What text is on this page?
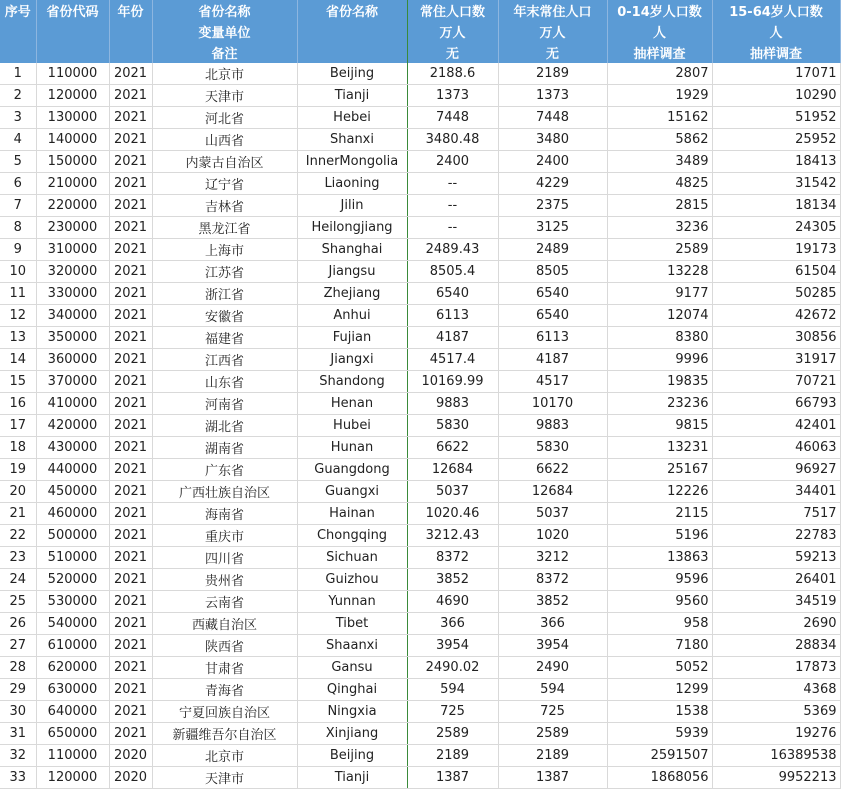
序号	省份代码	年份	省份名称	省份名称	常住人口数	年末常住人口	0-14岁人口数	15-64岁人口数
			变量单位		万人	万人	人	人
			备注		无	无	抽样调查	抽样调查
1	110000	2021	北京市	Beijing	2188.6	2189	2807	17071
2	120000	2021	天津市	Tianji	1373	1373	1929	10290
3	130000	2021	河北省	Hebei	7448	7448	15162	51952
4	140000	2021	山西省	Shanxi	3480.48	3480	5862	25952
5	150000	2021	内蒙古自治区	InnerMongolia	2400	2400	3489	18413
6	210000	2021	辽宁省	Liaoning	--	4229	4825	31542
7	220000	2021	吉林省	Jilin	--	2375	2815	18134
8	230000	2021	黑龙江省	Heilongjiang	--	3125	3236	24305
9	310000	2021	上海市	Shanghai	2489.43	2489	2589	19173
10	320000	2021	江苏省	Jiangsu	8505.4	8505	13228	61504
11	330000	2021	浙江省	Zhejiang	6540	6540	9177	50285
12	340000	2021	安徽省	Anhui	6113	6540	12074	42672
13	350000	2021	福建省	Fujian	4187	6113	8380	30856
14	360000	2021	江西省	Jiangxi	4517.4	4187	9996	31917
15	370000	2021	山东省	Shandong	10169.99	4517	19835	70721
16	410000	2021	河南省	Henan	9883	10170	23236	66793
17	420000	2021	湖北省	Hubei	5830	9883	9815	42401
18	430000	2021	湖南省	Hunan	6622	5830	13231	46063
19	440000	2021	广东省	Guangdong	12684	6622	25167	96927
20	450000	2021	广西壮族自治区	Guangxi	5037	12684	12226	34401
21	460000	2021	海南省	Hainan	1020.46	5037	2115	7517
22	500000	2021	重庆市	Chongqing	3212.43	1020	5196	22783
23	510000	2021	四川省	Sichuan	8372	3212	13863	59213
24	520000	2021	贵州省	Guizhou	3852	8372	9596	26401
25	530000	2021	云南省	Yunnan	4690	3852	9560	34519
26	540000	2021	西藏自治区	Tibet	366	366	958	2690
27	610000	2021	陕西省	Shaanxi	3954	3954	7180	28834
28	620000	2021	甘肃省	Gansu	2490.02	2490	5052	17873
29	630000	2021	青海省	Qinghai	594	594	1299	4368
30	640000	2021	宁夏回族自治区	Ningxia	725	725	1538	5369
31	650000	2021	新疆维吾尔自治区	Xinjiang	2589	2589	5939	19276
32	110000	2020	北京市	Beijing	2189	2189	2591507	16389538
33	120000	2020	天津市	Tianji	1387	1387	1868056	9952213
